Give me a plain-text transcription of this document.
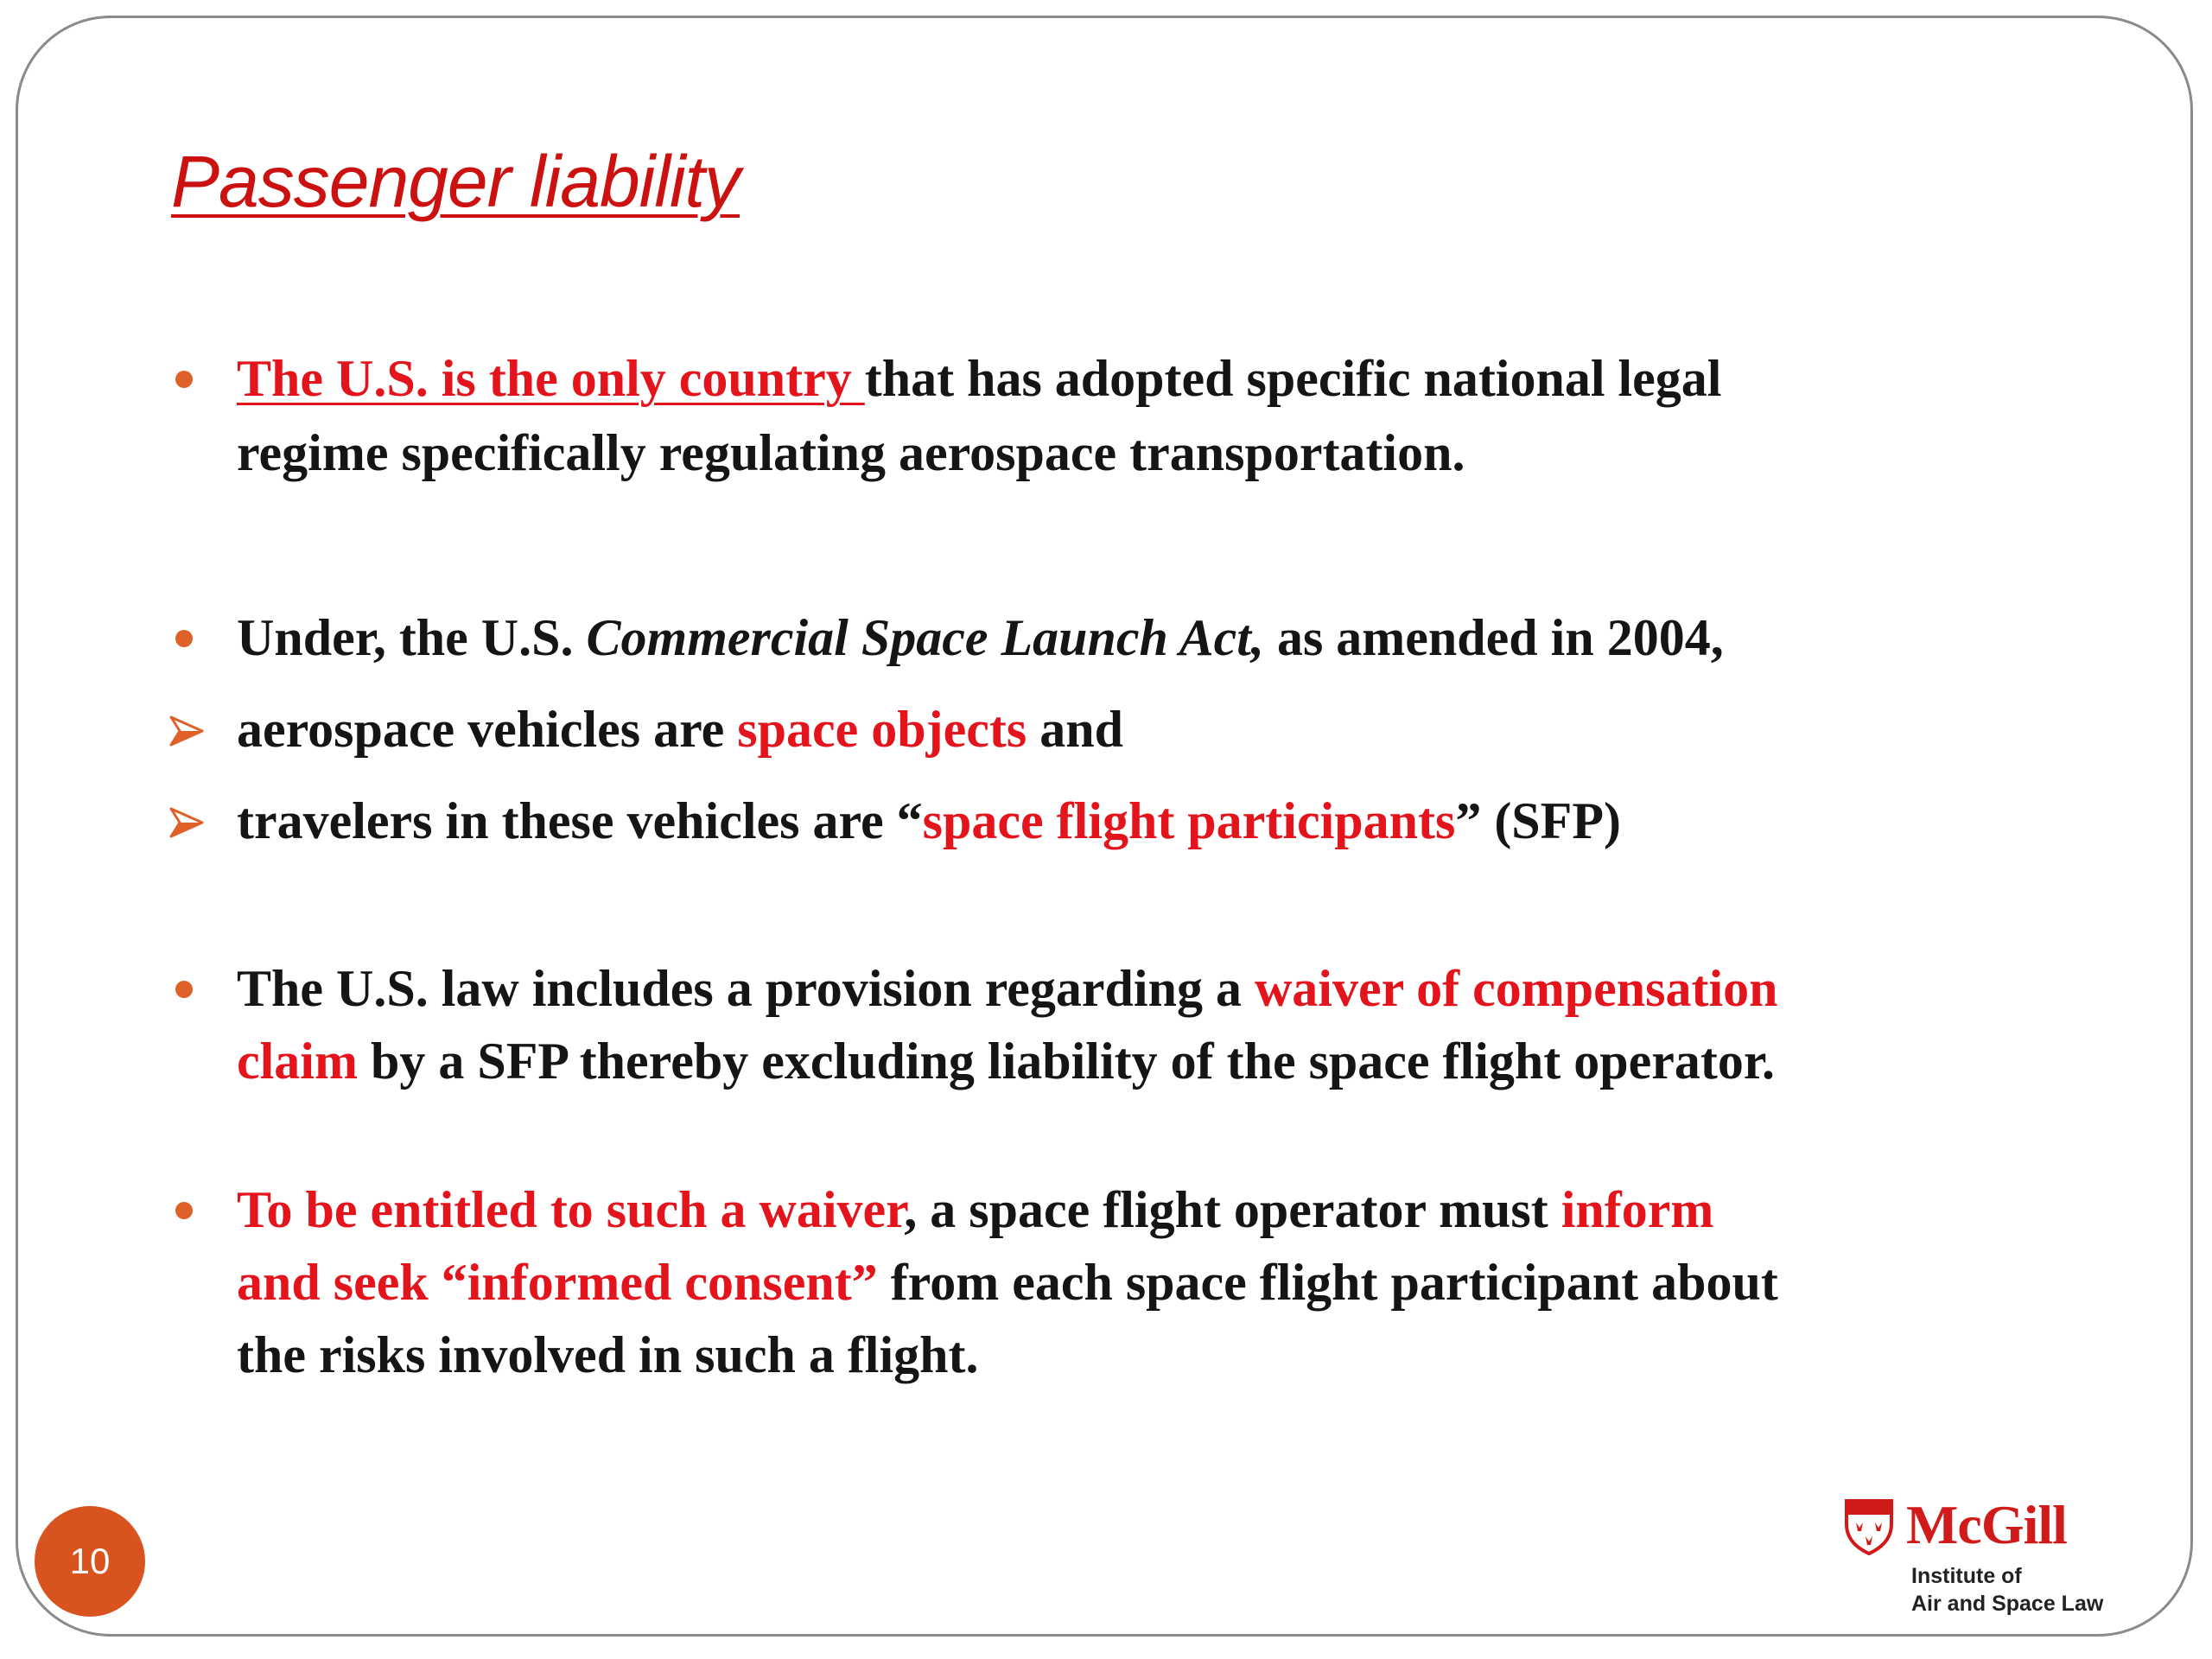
Passenger liability
The U.S. is the only country that has adopted specific national legal
regime specifically regulating aerospace transportation.
Under, the U.S. Commercial Space Launch Act, as amended in 2004,
aerospace vehicles are space objects and
travelers in these vehicles are “space flight participants” (SFP)
The U.S. law includes a provision regarding a waiver of compensation
claim by a SFP thereby excluding liability of the space flight operator.
To be entitled to such a waiver, a space flight operator must inform
and seek “informed consent” from each space flight participant about
the risks involved in such a flight.
10
McGill
Institute of
Air and Space Law
